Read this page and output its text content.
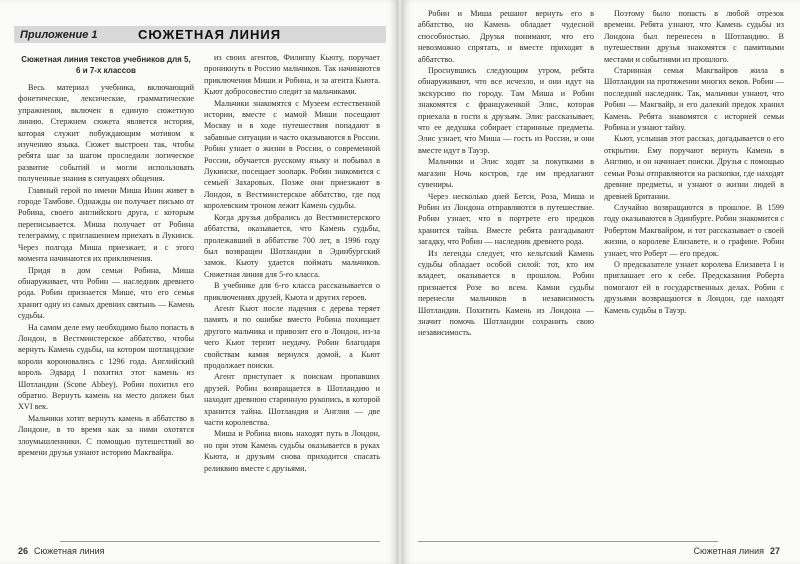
Приложение 1	СЮЖЕТНАЯ ЛИНИЯ

Сюжетная линия текстов учебников для 5, 6 и 7-х классов

Весь материал учебника, включающий фонетические, лексические, грамматические упражнения, включен в единую сюжетную линию. Стержнем сюжета является история, которая служит побуждающим мотивом к изучению языка. Сюжет выстроен так, чтобы ребята шаг за шагом проследили логическое развитие событий и могли использовать полученные знания в ситуациях общения.

Главный герой по имени Миша Инин живет в городе Тамбове. Однажды он получает письмо от Робина, своего английского друга, с которым переписывается. Миша получает от Робина телеграмму, с приглашением приехать в Лукинск. Через полгода Миша приезжает, и с этого момента начинаются их приключения.

Придя в дом семьи Робина, Миша обнаруживает, что Робин — наследник древнего рода. Робин признается Мише, что его семья хранит одну из самых древних святынь — Камень судьбы.

На самом деле ему необходимо было попасть в Лондон, в Вестминстерское аббатство, чтобы вернуть Камень судьбы, на котором шотландские короли короновались с 1296 года. Английский король Эдвард I похитил этот камень из Шотландии (Scone Abbey). Робин похитил его обратно. Вернуть камень на место должен был XVI век.

Мальчики хотят вернуть камень в аббатство в Лондоне, в то время как за ними охотятся злоумышленники. С помощью путешествий во времени друзья узнают историю Макгвайра.

из своих агентов, Филиппу Кьюту, поручает проникнуть в Россию мальчиков. Так начинаются приключения Миши и Робина, и за агента Кьюта. Кьют добросовестно следит за мальчиками.

Мальчики знакомятся с Музеем естественной истории, вместе с мамой Миши посещают Москву и в ходе путешествия попадают в забавные ситуации и часто оказываются в России. Робин узнает о жизни в России, о современной России, обучается русскому языку и побывал в Лукинске, посещает зоопарк. Робин знакомится с семьей Захаровых. Позже они приезжают в Лондон, в Вестминстерское аббатство, где под королевским троном лежит Камень судьбы.

Когда друзья добрались до Вестминстерского аббатства, оказывается, что Камень судьбы, пролежавший в аббатстве 700 лет, в 1996 году был возвращен Шотландии в Эдинбургский замок. Кьюту удается поймать мальчиков. Сюжетная линия для 5-го класса.

В учебнике для 6-го класса рассказывается о приключениях друзей, Кьюта и других героев.

Агент Кьют после падения с дерева теряет память и по ошибке вместо Робина похищает другого мальчика и привозит его в Лондон, из-за чего Кьют терпит неудачу. Робин благодаря свойствам камня вернулся домой, а Кьют продолжает поиски.

Агент приступает к поискам пропавших друзей. Робин возвращается в Шотландию и находит древнюю старинную рукопись, в которой хранится тайна. Шотландия и Англия — две части королевства.

Миша и Робина вновь находят путь в Лондон, но при этом Камень судьбы оказывается в руках Кьюта, и друзьям снова приходится спасать реликвию вместе с друзьями.

26 Сюжетная линия

Робин и Миша решают вернуть его в аббатство, но Камень обладает чудесной способностью. Друзья понимают, что его невозможно спрятать, и вместе приходят в аббатство.

Проснувшись следующим утром, ребята обнаруживают, что все исчезло, и они идут на экскурсию по городу. Там Миша и Робин знакомятся с француженкой Элис, которая приехала в гости к друзьям. Элис рассказывает, что ее дедушка собирает старинные предметы. Элис узнает, что Миша — гость из России, и они вместе идут в Тауэр.

Мальчики и Элис ходят за покупками в магазин Ночь костров, где им предлагают сувениры.

Через несколько дней Бетси, Роза, Миша и Робин из Лондона отправляются в путешествие. Робин узнает, что в портрете его предков хранится тайна. Вместе ребята разгадывают загадку, что Робин — наследник древнего рода.

Из легенды следует, что кельтский Камень судьбы обладает особой силой: тот, кто им владеет, оказывается в прошлом. Робин признается Розе во всем. Камни судьбы перенесли мальчиков в независимость Шотландии. Похитить Камень из Лондона — значит помочь Шотландии сохранить свою независимость.

Поэтому было попасть в любой отрезок времени. Ребята узнают, что Камень судьбы из Лондона был перенесен в Шотландию. В путешествии друзья знакомятся с памятными местами и событиями из прошлого.

Старинная семья Макгвайров жила в Шотландии на протяжении многих веков. Робин — последний наследник. Так, мальчики узнают, что Робин — Макгвайр, и его далекий предок хранил Камень. Ребята знакомятся с историей семьи Робина и узнают тайну.

Кьют, услышав этот рассказ, догадывается о его открытии. Ему поручают вернуть Камень в Англию, и он начинает поиски. Друзья с помощью семьи Розы отправляются на раскопки, где находят древние предметы, и узнают о жизни людей в древней Британии.

Случайно возвращаются в прошлое. В 1599 году оказываются в Эдинбурге. Робин знакомится с Робертом Макгвайром, и тот рассказывает о своей жизни, о королеве Елизавете, и о графине. Робин узнает, что Роберт — его предок.

О предсказателе узнает королева Елизавета I и приглашает его к себе. Предсказания Роберта помогают ей в государственных делах. Робин с друзьями возвращаются в Лондон, где находят Камень судьбы в Тауэр.

Сюжетная линия 27
